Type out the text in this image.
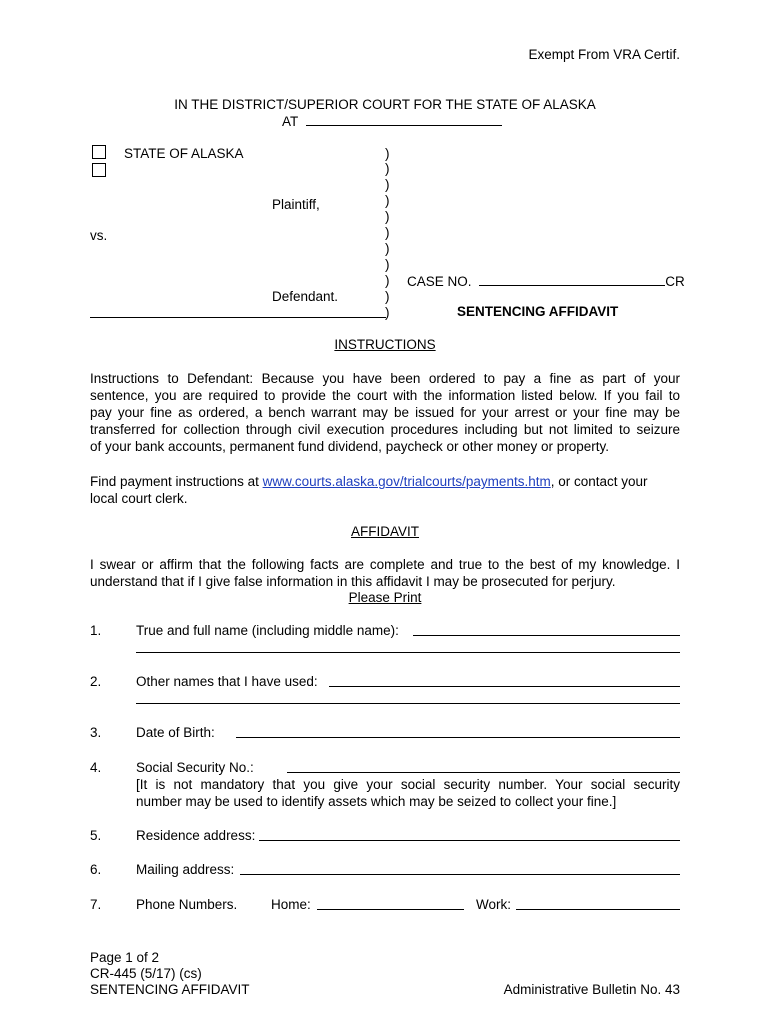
Exempt From VRA Certif.
IN THE DISTRICT/SUPERIOR COURT FOR THE STATE OF ALASKA
AT
STATE OF ALASKA
Plaintiff,
vs.
Defendant.
)
)
)
)
)
)
)
)
)
)
)
CASE NO.	CR
SENTENCING AFFIDAVIT
INSTRUCTIONS
Instructions to Defendant: Because you have been ordered to pay a fine as part of your
sentence, you are required to provide the court with the information listed below. If you fail to
pay your fine as ordered, a bench warrant may be issued for your arrest or your fine may be
transferred for collection through civil execution procedures including but not limited to seizure
of your bank accounts, permanent fund dividend, paycheck or other money or property.
Find payment instructions at www.courts.alaska.gov/trialcourts/payments.htm, or contact your
local court clerk.
AFFIDAVIT
I swear or affirm that the following facts are complete and true to the best of my knowledge. I
understand that if I give false information in this affidavit I may be prosecuted for perjury.
Please Print
1.	True and full name (including middle name):
2.	Other names that I have used:
3.	Date of Birth:
4.	Social Security No.:
[It is not mandatory that you give your social security number. Your social security
number may be used to identify assets which may be seized to collect your fine.]
5.	Residence address:
6.	Mailing address:
7.	Phone Numbers. Home:	Work:
Page 1 of 2
CR-445 (5/17) (cs)
SENTENCING AFFIDAVIT	Administrative Bulletin No. 43
